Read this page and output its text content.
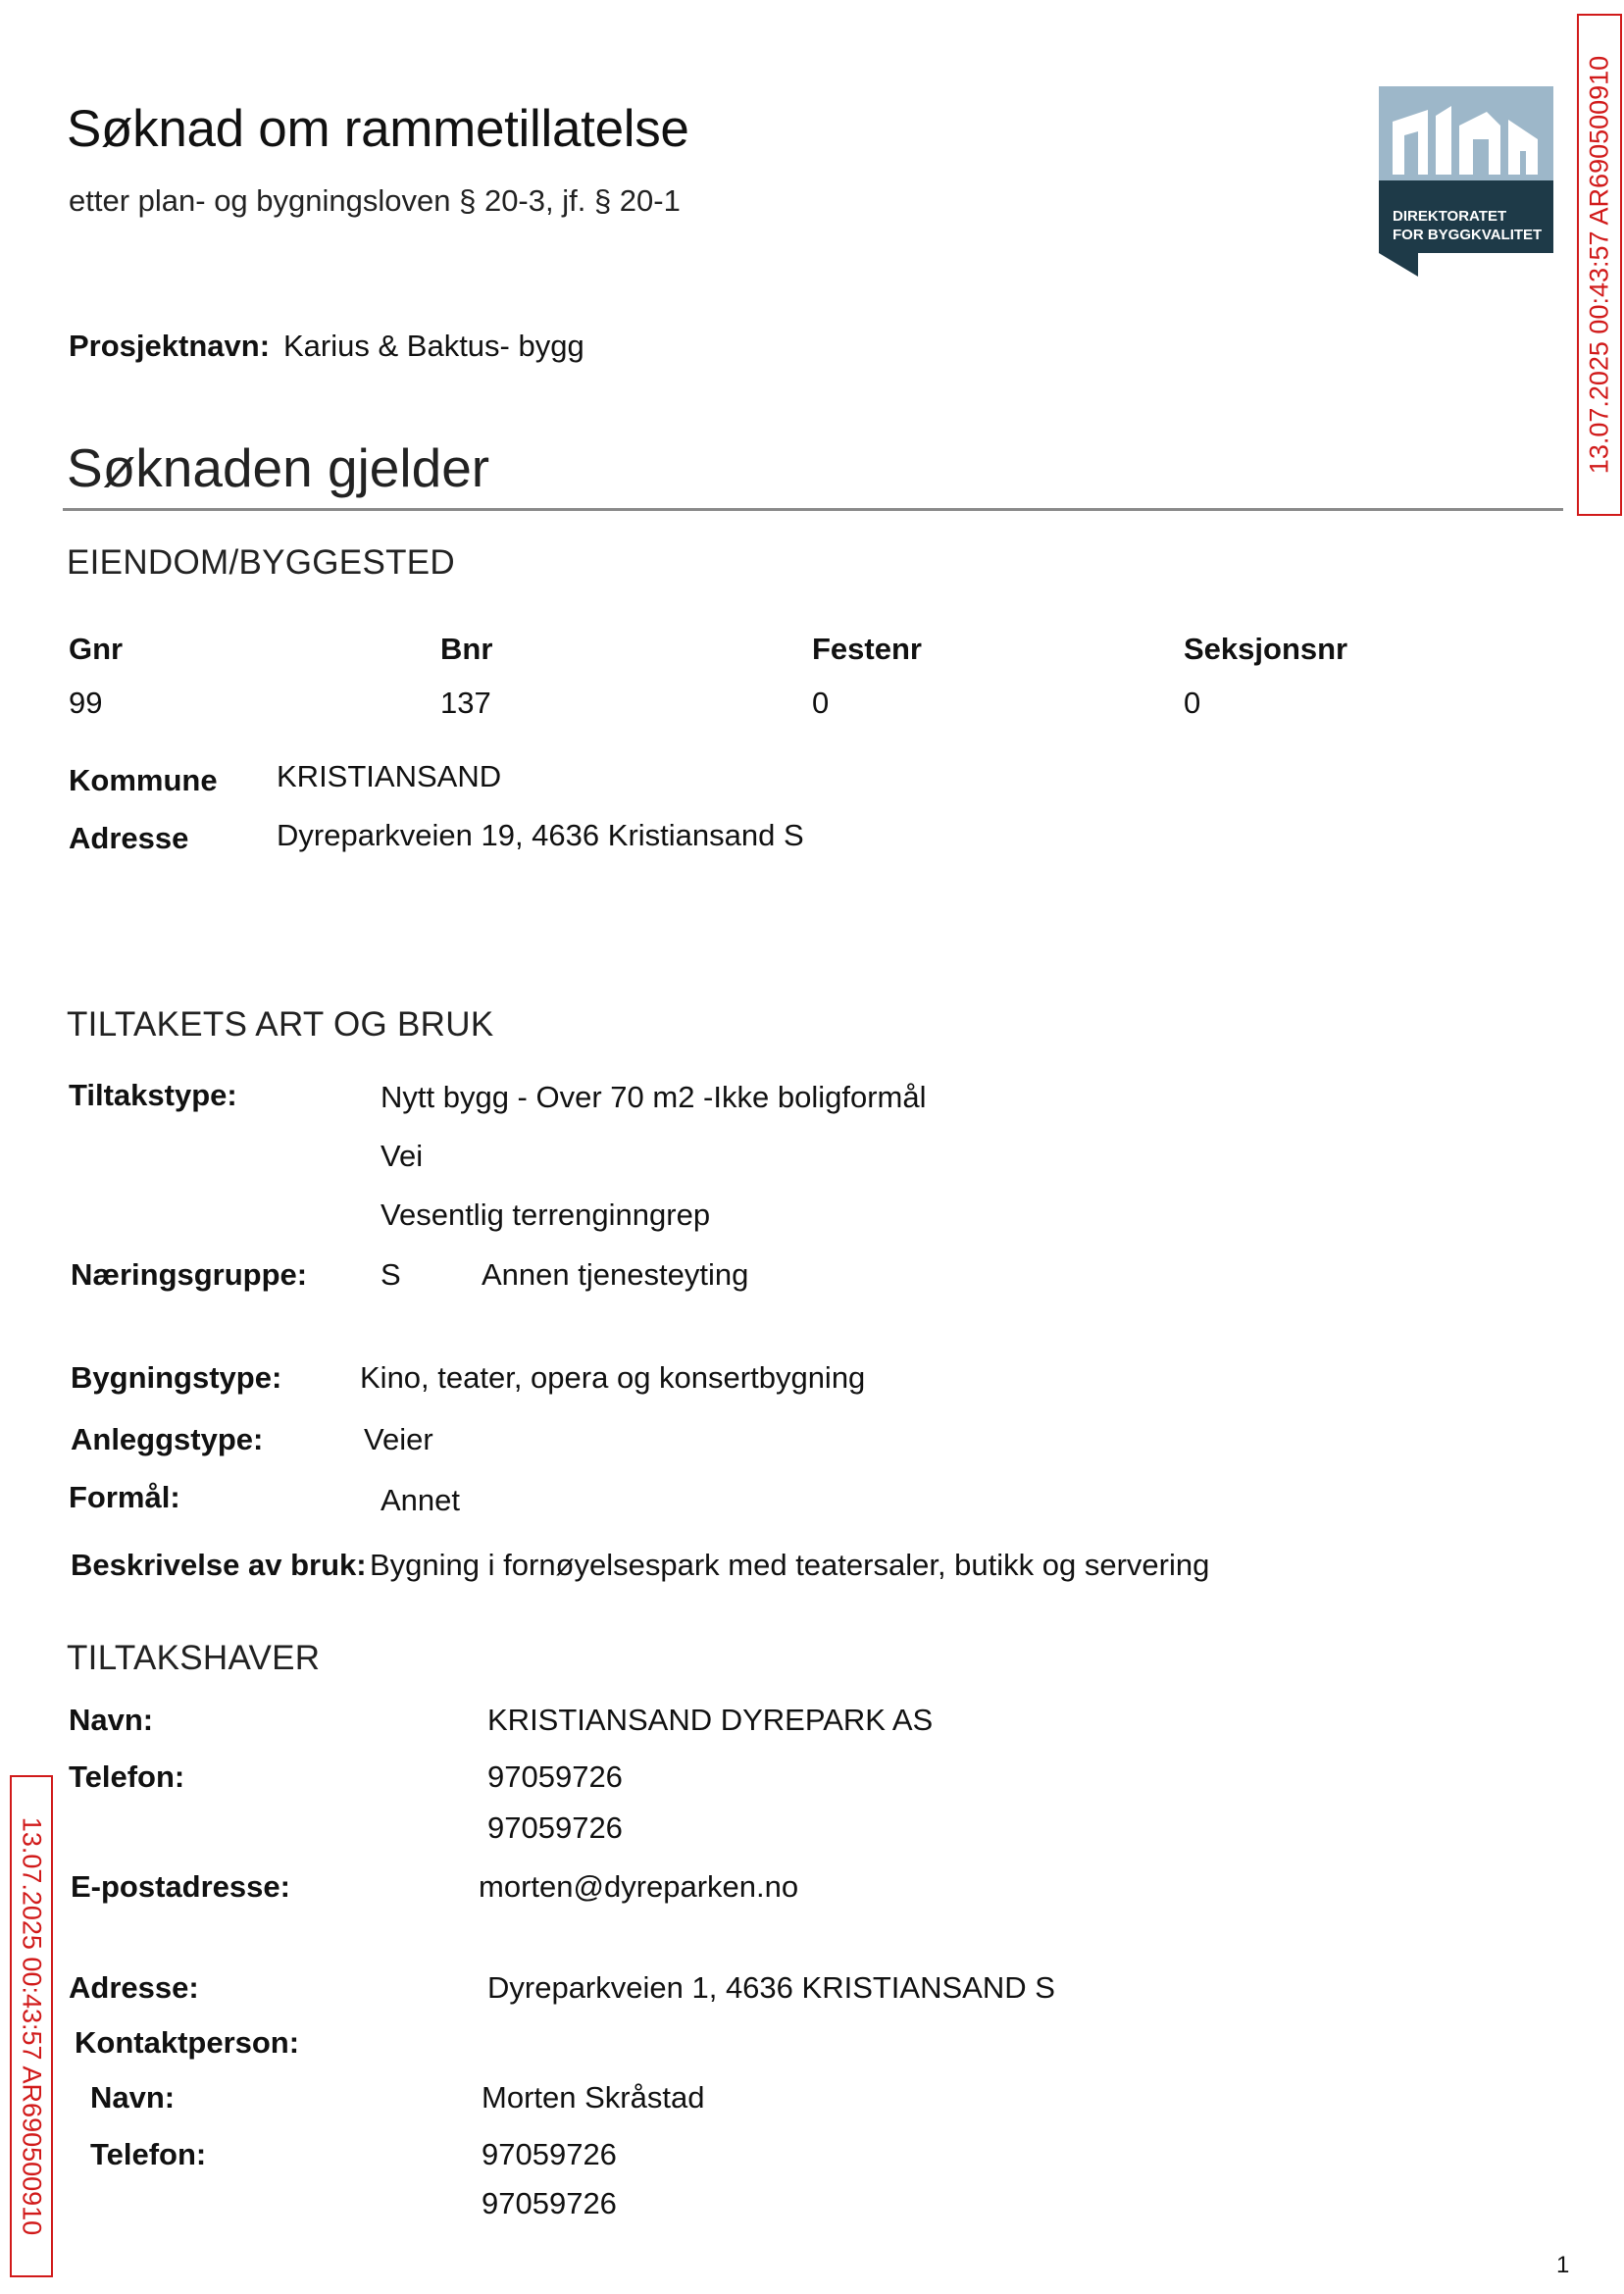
Søknad om rammetillatelse
etter plan- og bygningsloven § 20-3, jf. § 20-1	DIREKTORATET
FOR BYGGKVALITET 13.07.2025 00:43:57 AR690500910
13.07.2025 00:43:57 AR690500910
Prosjektnavn: Karius & Baktus- bygg
Søknaden gjelder
EIENDOM/BYGGESTED
Gnr	Bnr	Festenr	Seksjonsnr
99	137	0	0
Kommune KRISTIANSAND
Adresse	Dyreparkveien 19, 4636 Kristiansand S
TILTAKETS ART OG BRUK
Tiltakstype:	Nytt bygg - Over 70 m2 -Ikke boligformål
Vei
Vesentlig terrenginngrep
Næringsgruppe: S	Annen tjenesteyting
Bygningstype:	Kino, teater, opera og konsertbygning
Anleggstype:	Veier
Formål:	Annet
Beskrivelse av bruk: Bygning i fornøyelsespark med teatersaler, butikk og servering
TILTAKSHAVER
Navn:	KRISTIANSAND DYREPARK AS
Telefon:	97059726
97059726
E-postadresse:	morten@dyreparken.no
Adresse:	Dyreparkveien 1, 4636 KRISTIANSAND S
Kontaktperson:
Navn:	Morten Skråstad
Telefon:	97059726
97059726
1
